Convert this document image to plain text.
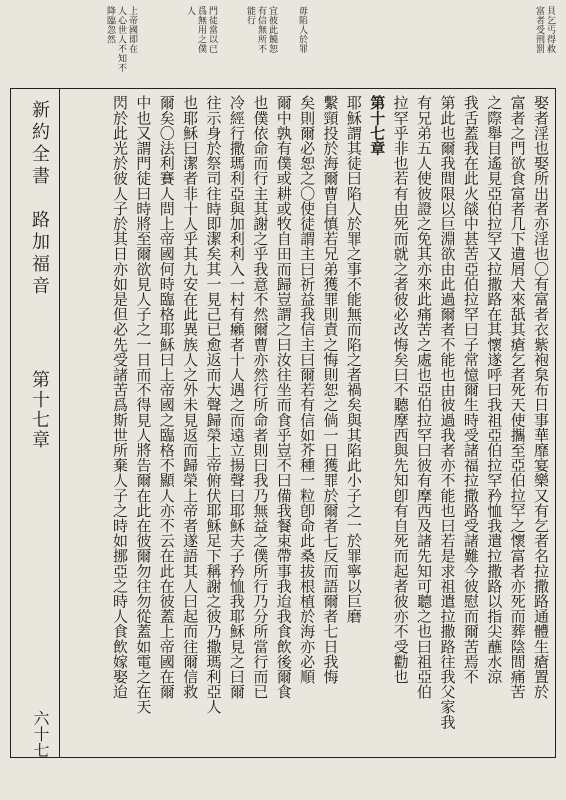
貝乞丐得救
富者受刑罰
毋陷人於罪
宜彼此饒恕
有信無所不
能行
門徒當以已
爲無用之僕
人
上帝國即在
人心世人不知不
降臨忽然
新約全書
路加福音
第十七章
六十七
娶者淫也娶所出者亦淫也〇有富者衣紫袍枲布日事華靡宴樂又有乞者名拉撒路通體生瘡置於
富者之門欲食富者几下遺屑犬來舐其瘡乞者死天使攜至亞伯拉罕之懷富者亦死而葬陰間痛苦
之際舉目遙見亞伯拉罕又拉撒路在其懷遂呼曰我祖亞伯拉罕矜恤我遣拉撒路以指尖蘸水涼
我舌蓋我在此火燄中甚苦亞伯拉罕曰子常憶爾生時受諸福拉撒路受諸難今彼慰而爾苦焉不
第此也爾我間限以巨淵欲由此過爾者不能也由彼過我者亦不能也曰若是求祖遣拉撒路往我父家我
有兄弟五人使彼證之免其亦來此痛苦之處也亞伯拉罕曰彼有摩西及諸先知可聽之也曰祖亞伯
拉罕乎非也若有由死而就之者彼必改悔矣曰不聽摩西與先知卽有自死而起者彼亦不受勸也
第十七章
耶穌謂其徒曰陷人於罪之事不能無而陷之者禍矣與其陷此小子之一於罪寧以巨磨
繫頸投於海爾曹自慎若兄弟獲罪則責之悔則恕之倘一日獲罪於爾者七反而語爾者七日我悔
矣則爾必恕之〇使徒謂主曰祈益我信主曰爾若有信如芥種一粒卽命此桑拔根植於海亦必順
爾中孰有僕或耕或牧自田而歸豈謂之曰汝往坐而食乎豈不曰備我餐束帶事我迨我食飲後爾食
也僕依命而行主其謝之乎我意不然爾曹亦然行所命者則曰我乃無益之僕所行乃分所當行而已
冷經行撒瑪利亞與加利利入一村有癩者十人遇之而遠立揚聲曰耶穌夫子矜恤我耶穌見之曰爾
往示身於祭司往時即潔矣其一見己已愈返而大聲歸榮上帝俯伏耶穌足下稱謝之彼乃撒瑪利亞人
也耶穌曰潔者非十人乎其九安在此異族人之外未見返而歸榮上帝者遂語其人曰起而往爾信救
爾矣〇法利賽人問上帝國何時臨格耶穌曰上帝國之臨格不顯人亦不云在此在彼蓋上帝國在爾
中也又謂門徒曰時將至爾欲見人子之一日而不得見人將告爾在此在彼爾勿往勿從蓋如電之在天
閃於此光於彼人子於其日亦如是但必先受諸苦爲斯世所棄人子之時如挪亞之時人食飲嫁娶迨
